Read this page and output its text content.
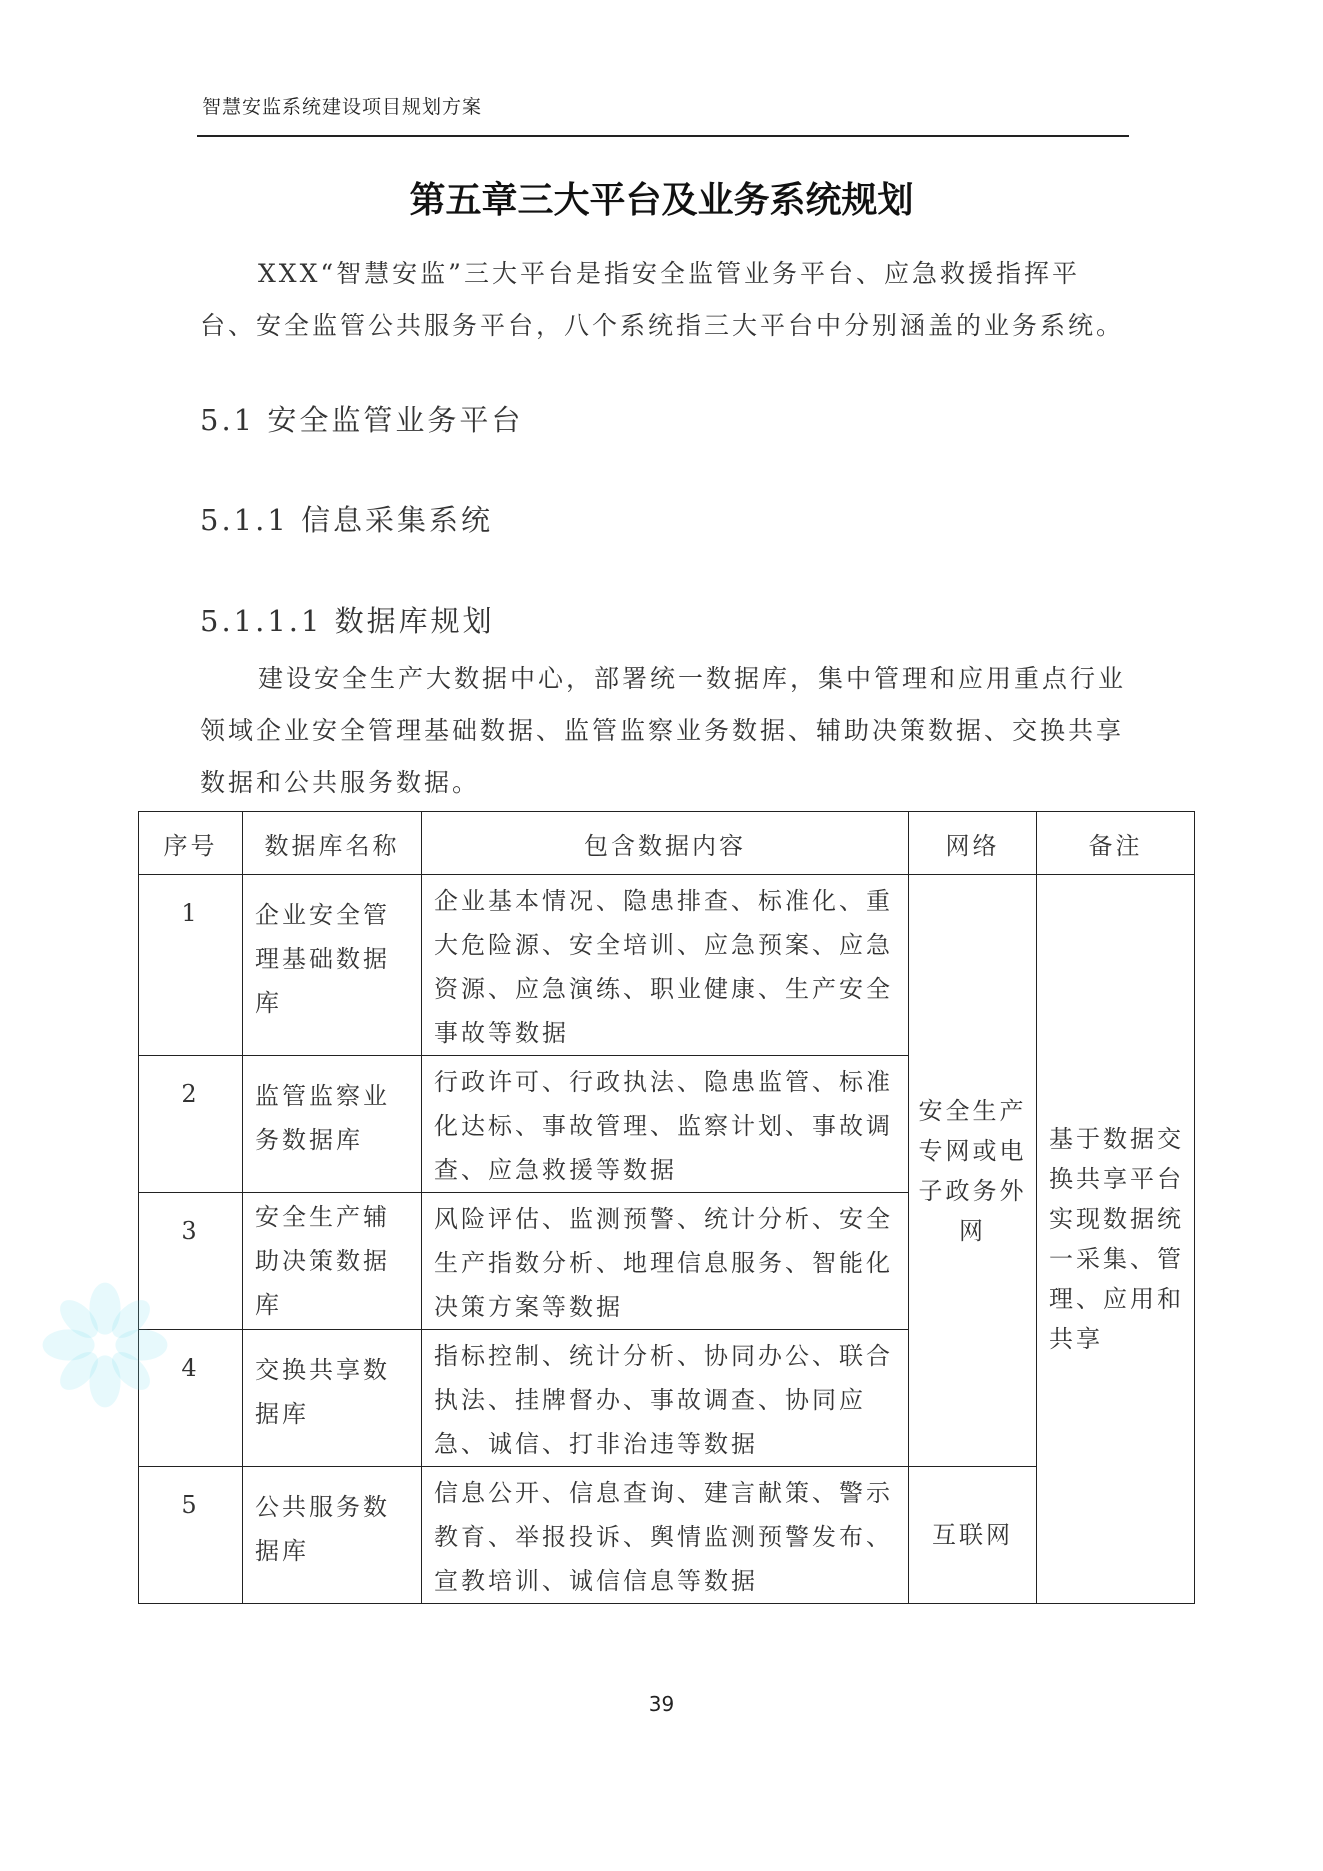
智慧安监系统建设项目规划方案
第五章三大平台及业务系统规划
XXX“智慧安监”三大平台是指安全监管业务平台、应急救援指挥平台、安全监管公共服务平台，八个系统指三大平台中分别涵盖的业务系统。
5.1 安全监管业务平台
5.1.1 信息采集系统
5.1.1.1 数据库规划
建设安全生产大数据中心，部署统一数据库，集中管理和应用重点行业领域企业安全管理基础数据、监管监察业务数据、辅助决策数据、交换共享数据和公共服务数据。
序号	数据库名称	包含数据内容	网络	备注
1	企业安全管理基础数据库	企业基本情况、隐患排查、标准化、重大危险源、安全培训、应急预案、应急资源、应急演练、职业健康、生产安全事故等数据	安全生产专网或电子政务外网	基于数据交换共享平台实现数据统一采集、管理、应用和共享
2	监管监察业务数据库	行政许可、行政执法、隐患监管、标准化达标、事故管理、监察计划、事故调查、应急救援等数据		
3	安全生产辅助决策数据库	风险评估、监测预警、统计分析、安全生产指数分析、地理信息服务、智能化决策方案等数据		
4	交换共享数据库	指标控制、统计分析、协同办公、联合执法、挂牌督办、事故调查、协同应急、诚信、打非治违等数据		
5	公共服务数据库	信息公开、信息查询、建言献策、警示教育、举报投诉、舆情监测预警发布、宣教培训、诚信信息等数据	互联网	
39
​	​
